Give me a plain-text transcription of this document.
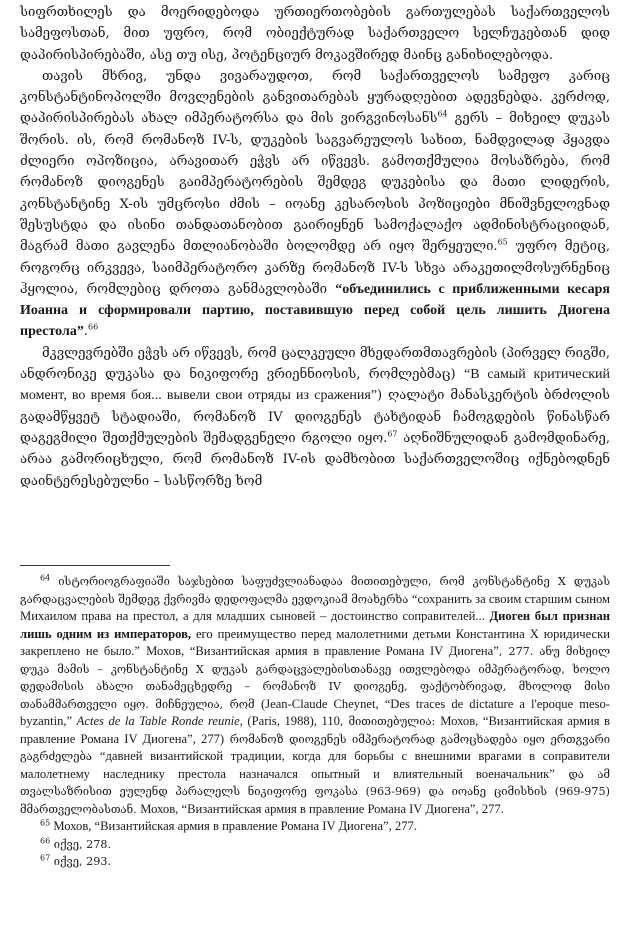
სიფრთხილეს და მოერიდებოდა ურთიერთობების გართულებას საქართველოს სამეფოსთან, მით უფრო, რომ ობიექტურად საქართველო სელჩუკებთან დიდ დაპირისპირებაში, ასე თუ ისე, პოტენციურ მოკავშირედ მაინც განიხილებოდა.

თავის მხრივ, უნდა ვივარაუდოთ, რომ საქართველოს სამეფო კარიც კონსტანტინოპოლში მოვლენების განვითარებას ყურადღებით ადევნებდა. კერძოდ, დაპირისპირებას ახალ იმპერატორსა და მის ვირგვინოსანს$^{64}$ გერს – მიხეილ დუკას შორის. ის, რომ რომანოზ IV-ს, დუკების საგვარეულოს სახით, ნამდვილად ჰყავდა ძლიერი ოპოზიცია, არავითარ ეჭვს არ იწვევს. გამოთქმულია მოსაზრება, რომ რომანოზ დიოგენეს გაიმპერატორების შემდეგ დუკებისა და მათი ლიდერის, კონსტანტინე X-ის უმცროსი ძმის – იოანე კესაროსის პოზიციები მნიშვნელოვნად შესუსტდა და ისინი თანდათანობით გაირიყნენ სამოქალაქო ადმინისტრაციიდან, მაგრამ მათი გავლენა მთლიანობაში ბოლომდე არ იყო შერყეული.$^{65}$ უფრო მეტიც, როგორც ირკვევა, საიმპერატორო კარზე რომანოზ IV-ს სხვა არაკეთილმოსურნენიც ჰყოლია, რომლებიც დროთა განმავლობაში “объединились с приближенными кесаря Иоанна и сформировали партию, поставившую перед собой цель лишить Диогена престола”.$^{66}$

მკვლევრებში ეჭვს არ იწვევს, რომ ცალკეული მხედართმთავრების (პირველ რიგში, ანდრონიკე დუკასა და ნიკიფორე ვრიენნიოსის, რომლებმაც) “В самый критический момент, во время боя... вывели свои отряды из сражения”) ღალატი მანასკერტის ბრძოლის გადამწყვეტ სტადიაში, რომანოზ IV დიოგენეს ტახტიდან ჩამოგდების წინასწარ დაგეგმილი შეთქმულების შემადგენელი რგოლი იყო.$^{67}$ აღნიშნულიდან გამომდინარე, არაა გამორიცხული, რომ რომანოზ IV-ის დამხობით საქართველოშიც იქნებოდნენ დაინტერესებულნი – სასწორზე ხომ

$^{64}$ ისტორიოგრაფიაში საჯსებით საფუძვლიანადაა მითითებული, რომ კონსტანტინე X დუკას გარდაცვალების შემდეგ ქვრივმა დედოფალმა ევდოკიამ მოახერხა “сохранить за своим старшим сыном Михаилом права на престол, а для младших сыновей – достоинство соправителей... Диоген был признан лишь одним из императоров, его преимущество перед малолетними детьми Константина X юридически закреплено не было.” Мохов, “Византийская армия в правление Романа IV Диогена”, 277. ანუ მიხეილ დუკა მამის – კონსტანტინე X დუკას გარდაცვალებისთანავე ითვლებოდა იმპერატორად, ხოლო დედამისის ახალი თანამეცხედრე – რომანოზ IV დიოგენე, ფაქტობრივად, მხოლოდ მისი თანამმართველი იყო. მიჩნეულია, რომ (Jean-Claude Cheynet, “Des traces de dictature a l'epoque meso-byzantin,” Actes de la Table Ronde reunie, (Paris, 1988), 110, მითითებულია: Мохов, “Византийская армия в правление Романа IV Диогена”, 277) რომანოზ დიოგენეს იმპერატორად გამოცხადება იყო ერთგვარი გაგრძელება “давней византийской традиции, когда для борьбы с внешними врагами в соправители малолетнему наследнику престола назначался опытный и влиятельный военачальник” და ამ თვალსაზრისით ეულენდ პარალელს ნიკიფორე ფოკასა (963-969) და იოანე ციმისხის (969-975) მმართველობასთან. Мохов, “Византийская армия в правление Романа IV Диогена”, 277.

$^{65}$ Мохов, “Византийская армия в правление Романа IV Диогена”, 277.

$^{66}$ იქვე, 278.

$^{67}$ იქვე, 293.
